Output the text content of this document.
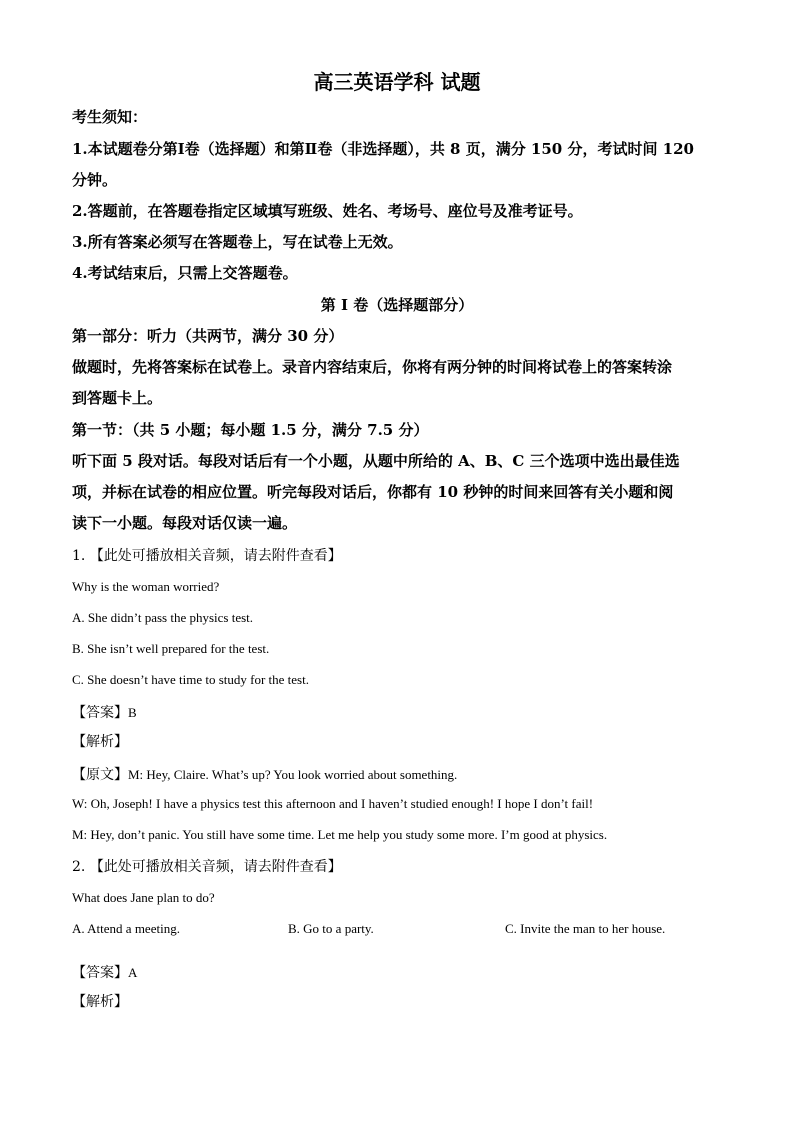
高三英语学科 试题
考生须知：
1.本试题卷分第Ⅰ卷（选择题）和第Ⅱ卷（非选择题），共 8 页，满分 150 分，考试时间 120
分钟。
2.答题前，在答题卷指定区域填写班级、姓名、考场号、座位号及准考证号。
3.所有答案必须写在答题卷上，写在试卷上无效。
4.考试结束后，只需上交答题卷。
第 I 卷（选择题部分）
第一部分：听力（共两节，满分 30 分）
做题时，先将答案标在试卷上。录音内容结束后，你将有两分钟的时间将试卷上的答案转涂
到答题卡上。
第一节：（共 5 小题；每小题 1.5 分，满分 7.5 分）
听下面 5 段对话。每段对话后有一个小题，从题中所给的 A、B、C 三个选项中选出最佳选
项，并标在试卷的相应位置。听完每段对话后，你都有 10 秒钟的时间来回答有关小题和阅
读下一小题。每段对话仅读一遍。
1. 【此处可播放相关音频，请去附件查看】
Why is the woman worried?
A. She didn’t pass the physics test.
B. She isn’t well prepared for the test.
C. She doesn’t have time to study for the test.
【答案】B
【解析】
【原文】M: Hey, Claire. What’s up? You look worried about something.
W: Oh, Joseph! I have a physics test this afternoon and I haven’t studied enough! I hope I don’t fail!
M: Hey, don’t panic. You still have some time. Let me help you study some more. I’m good at physics.
2. 【此处可播放相关音频，请去附件查看】
What does Jane plan to do?
A. Attend a meeting.	B. Go to a party.	C. Invite the man to her house.
【答案】A
【解析】
